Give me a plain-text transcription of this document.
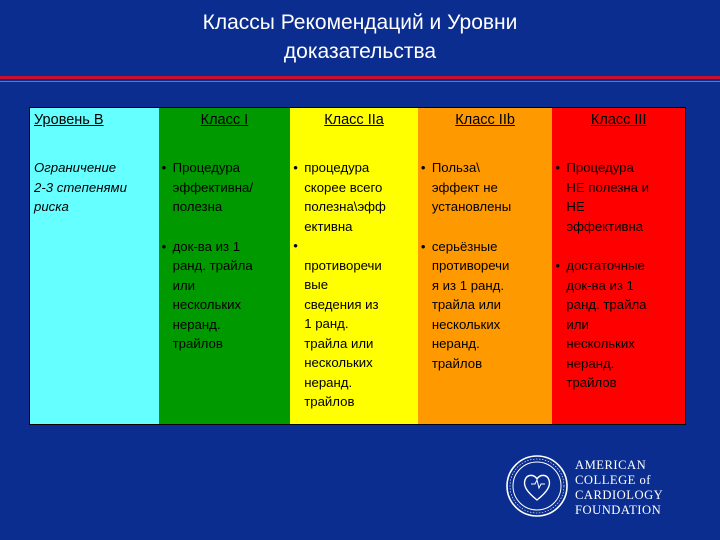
Классы Рекомендаций и Уровни
доказательства
Уровень В
Ограничение
2-3 степенями
риска
Класс I
• Процедура
эффективна/
полезна
• док-ва из 1
ранд. трайла
или
нескольких
неранд.
трайлов
Класс IIa
• процедура
скорее всего
полезна\эфф
ективна
•
противоречи
вые
сведения из
1 ранд.
трайла или
нескольких
неранд.
трайлов
Класс IIb
• Польза\
эффект не
установлены
• серьёзные
противоречи
я из 1 ранд.
трайла или
нескольких
неранд.
трайлов
Класс III
• Процедура
НЕ полезна и
НЕ
эффективна
• достаточные
док-ва из 1
ранд. трайла
или
нескольких
неранд.
трайлов
AMERICAN
COLLEGE of
CARDIOLOGY
FOUNDATION
